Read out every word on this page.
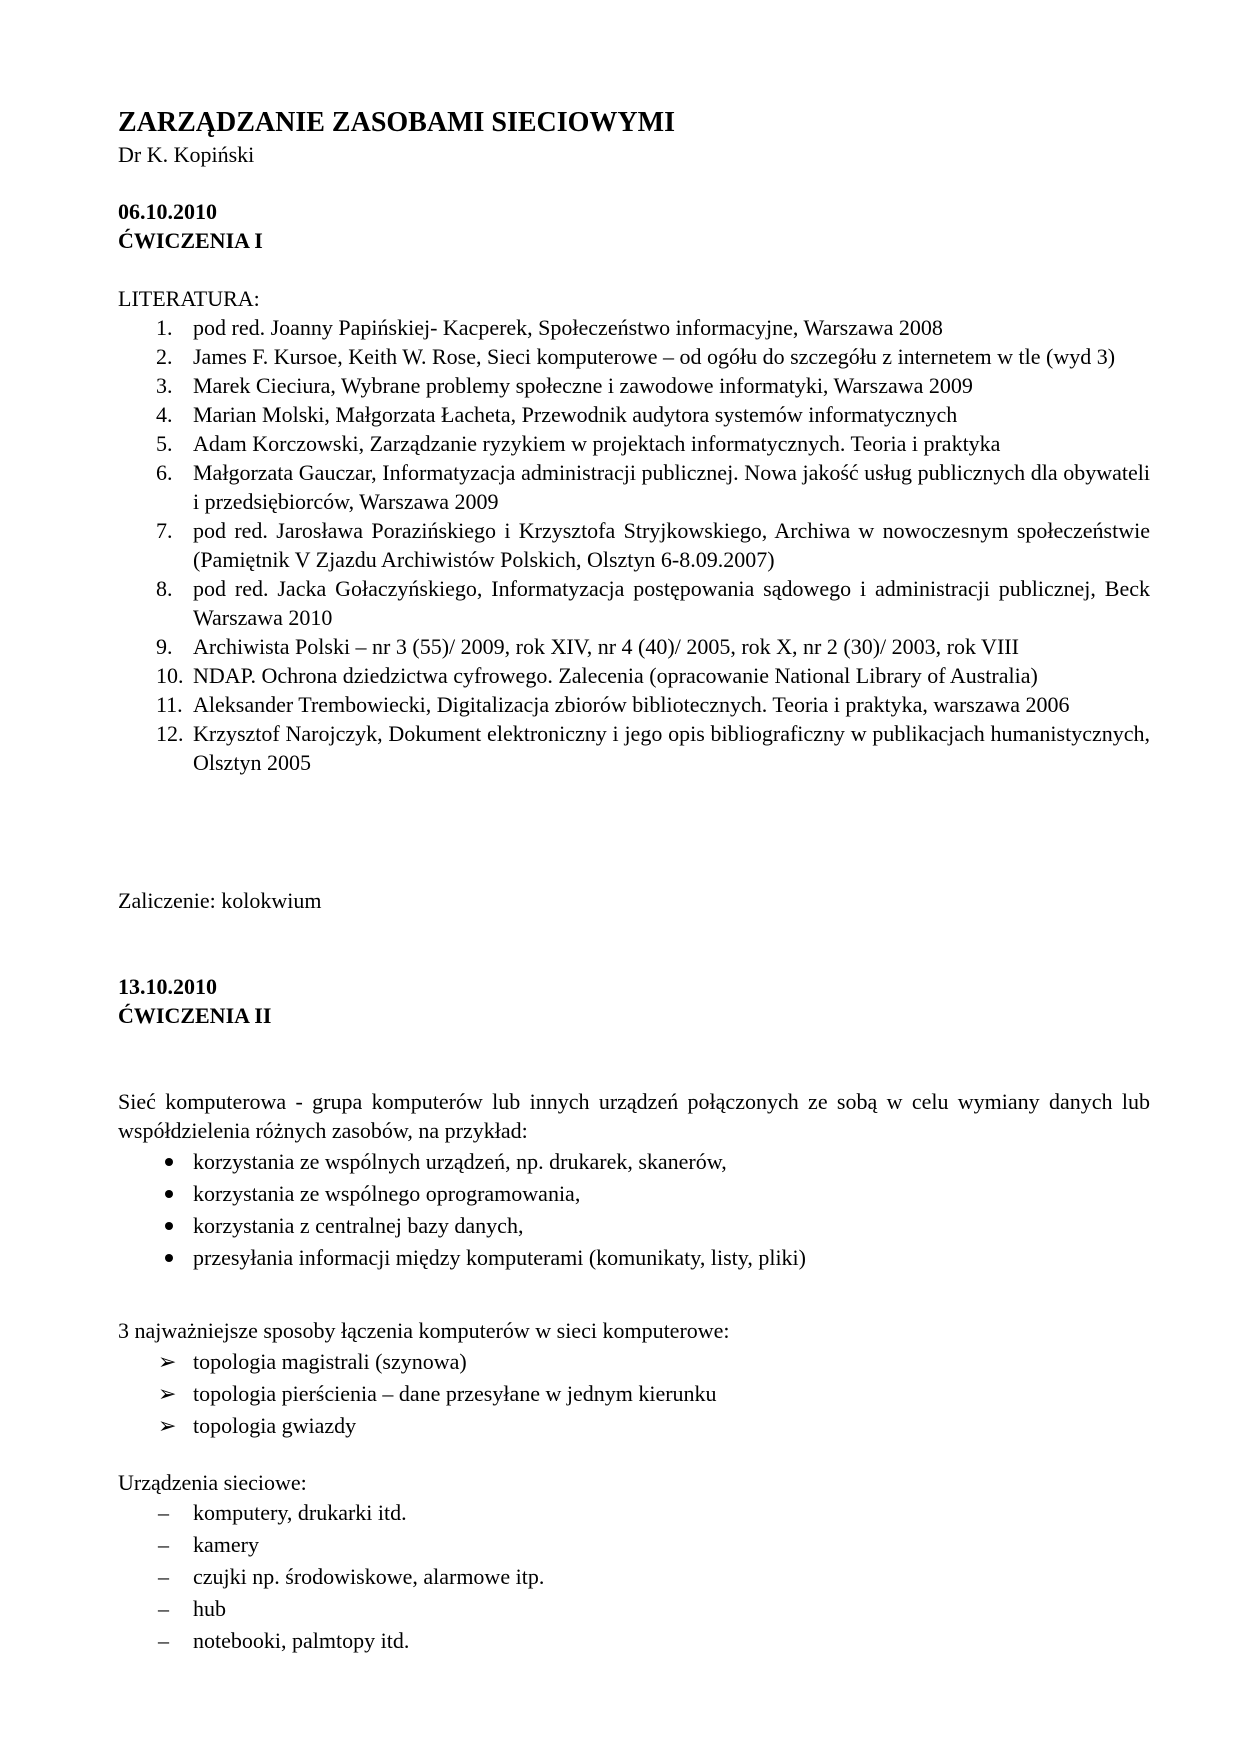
ZARZĄDZANIE ZASOBAMI SIECIOWYMI
Dr K. Kopiński
06.10.2010
ĆWICZENIA I
LITERATURA:
1. pod red. Joanny Papińskiej- Kacperek, Społeczeństwo informacyjne, Warszawa 2008
2. James F. Kursoe, Keith W. Rose, Sieci komputerowe – od ogółu do szczegółu z internetem w tle (wyd 3)
3. Marek Cieciura, Wybrane problemy społeczne i zawodowe informatyki, Warszawa 2009
4. Marian Molski, Małgorzata Łacheta, Przewodnik audytora systemów informatycznych
5. Adam Korczowski, Zarządzanie ryzykiem w projektach informatycznych. Teoria i praktyka
6. Małgorzata Gauczar, Informatyzacja administracji publicznej. Nowa jakość usług publicznych dla obywateli i przedsiębiorców, Warszawa 2009
7. pod red. Jarosława Porazińskiego i Krzysztofa Stryjkowskiego, Archiwa w nowoczesnym społeczeństwie (Pamiętnik V Zjazdu Archiwistów Polskich, Olsztyn 6-8.09.2007)
8. pod red. Jacka Gołaczyńskiego, Informatyzacja postępowania sądowego i administracji publicznej, Beck Warszawa 2010
9. Archiwista Polski – nr 3 (55)/ 2009, rok XIV, nr 4 (40)/ 2005, rok X, nr 2 (30)/ 2003, rok VIII
10. NDAP. Ochrona dziedzictwa cyfrowego. Zalecenia (opracowanie National Library of Australia)
11. Aleksander Trembowiecki, Digitalizacja zbiorów bibliotecznych. Teoria i praktyka, warszawa 2006
12. Krzysztof Narojczyk, Dokument elektroniczny i jego opis bibliograficzny w publikacjach humanistycznych, Olsztyn 2005
Zaliczenie: kolokwium
13.10.2010
ĆWICZENIA II
Sieć komputerowa - grupa komputerów lub innych urządzeń połączonych ze sobą w celu wymiany danych lub współdzielenia różnych zasobów, na przykład:
korzystania ze wspólnych urządzeń, np. drukarek, skanerów,
korzystania ze wspólnego oprogramowania,
korzystania z centralnej bazy danych,
przesyłania informacji między komputerami (komunikaty, listy, pliki)
3 najważniejsze sposoby łączenia komputerów w sieci komputerowe:
➢ topologia magistrali (szynowa)
➢ topologia pierścienia – dane przesyłane w jednym kierunku
➢ topologia gwiazdy
Urządzenia sieciowe:
– komputery, drukarki itd.
– kamery
– czujki np. środowiskowe, alarmowe itp.
– hub
– notebooki, palmtopy itd.
